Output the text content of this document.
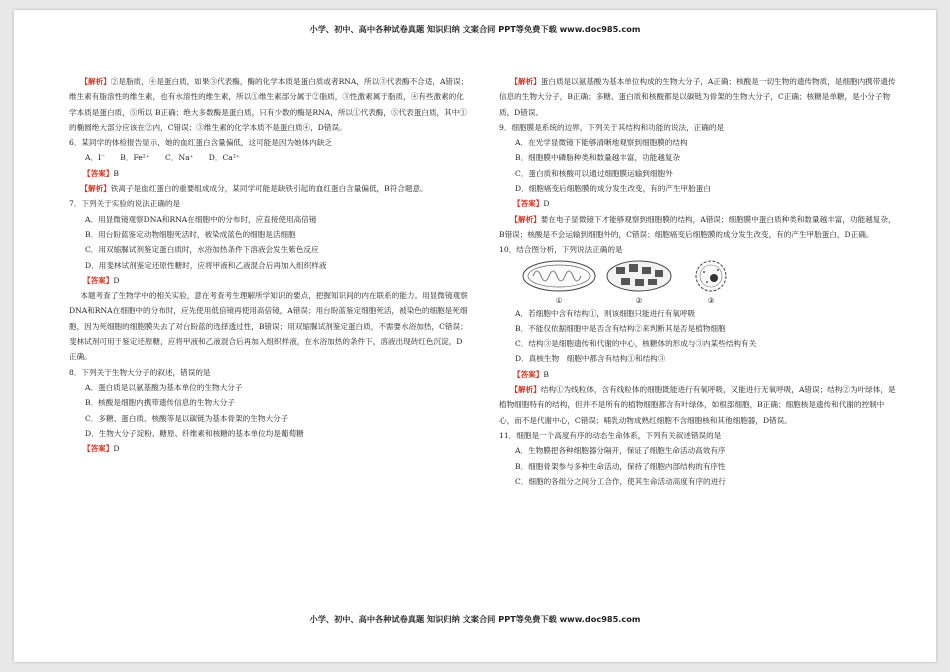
小学、初中、高中各种试卷真题 知识归纳 文案合同 PPT等免费下载 www.doc985.com

【解析】②是脂质，④是蛋白质，如果③代表酶，酶的化学本质是蛋白质或者RNA，所以③代表酶不合适，A错误；维生素有脂溶性的维生素，也有水溶性的维生素，所以①维生素部分属于②脂质，③性激素属于脂质，④有些激素的化学本质是蛋白质，⑤所以 B正确；绝大多数酶是蛋白质，只有少数的酶是RNA，所以①代表酶，⑤代表蛋白质，其中①的椭圆绝大部分应该在②内，C错误；③维生素的化学本质不是蛋白质④，D错误。

6．某同学的体检报告显示，她的血红蛋白含量偏低，这可能是因为她体内缺乏

A．I⁻　　B．Fe²⁺　　C．Na⁺　　D．Ca²⁺

【答案】B

【解析】铁离子是血红蛋白的重要组成成分，某同学可能是缺铁引起的血红蛋白含量偏低，B符合题意。

7．下列关于实验的说法正确的是

A．用显微镜观察DNA和RNA在细胞中的分布时，应直接使用高倍镜

B．用台盼蓝鉴定动物细胞死活时，被染成蓝色的细胞是活细胞

C．用双缩脲试剂鉴定蛋白质时，水浴加热条件下溶液会发生紫色反应

D．用斐林试剂鉴定还原性糖时，应将甲液和乙液混合后再加入组织样液

【答案】D

本题考查了生物学中的相关实验，意在考查考生理解所学知识的要点，把握知识间的内在联系的能力。用显微镜观察DNA和RNA在细胞中的分布时，应先使用低倍镜再使用高倍镜，A错误；用台盼蓝鉴定细胞死活，被染色的细胞是死细胞，因为死细胞的细胞膜失去了对台盼蓝的选择透过性，B错误；用双缩脲试剂鉴定蛋白质，不需要水浴加热，C错误；斐林试剂可用于鉴定还原糖，应将甲液和乙液混合后再加入组织样液，在水浴加热的条件下，溶液出现砖红色沉淀，D正确。

8．下列关于生物大分子的叙述，错误的是

A．蛋白质是以氨基酸为基本单位的生物大分子

B．核酸是细胞内携带遗传信息的生物大分子

C．多糖、蛋白质、核酸等是以碳链为基本骨架的生物大分子

D．生物大分子淀粉、糖原、纤维素和核糖的基本单位均是葡萄糖

【答案】D

【解析】蛋白质是以氨基酸为基本单位构成的生物大分子，A正确；核酸是一切生物的遗传物质，是细胞内携带遗传信息的生物大分子，B正确；多糖、蛋白质和核酸都是以碳链为骨架的生物大分子，C正确；核糖是单糖，是小分子物质，D错误。

9．细胞膜是系统的边界，下列关于其结构和功能的说法，正确的是

A．在光学显微镜下能够清晰地观察到细胞膜的结构

B．细胞膜中磷脂种类和数量越丰富，功能越复杂

C．蛋白质和核酸可以通过细胞膜运输到细胞外

D．细胞癌变后细胞膜的成分发生改变，有的产生甲胎蛋白

【答案】D

【解析】要在电子显微镜下才能够观察到细胞膜的结构，A错误；细胞膜中蛋白质种类和数量越丰富，功能越复杂，B错误；核酸是不会运输到细胞外的，C错误；细胞癌变后细胞膜的成分发生改变，有的产生甲胎蛋白，D正确。

10．结合图分析，下列说法正确的是

①	②	③

A．若细胞中含有结构①，则该细胞只能进行有氧呼吸

B．不能仅依据细胞中是否含有结构②来判断其是否是植物细胞

C．结构③是细胞遗传和代谢的中心，核糖体的形成与③内某些结构有关

D．真核生物　细胞中都含有结构①和结构③

【答案】B

【解析】结构①为线粒体，含有线粒体的细胞既能进行有氧呼吸，又能进行无氧呼吸，A错误；结构②为叶绿体，是植物细胞特有的结构，但并不是所有的植物细胞都含有叶绿体，如根部细胞，B正确；细胞核是遗传和代谢的控制中心，而不是代谢中心，C错误；哺乳动物成熟红细胞不含细胞核和其他细胞器，D错误。

11．细胞是一个高度有序的动态生命体系，下列有关叙述错误的是

A．生物膜把各种细胞器分隔开，保证了细胞生命活动高效有序

B．细胞骨架参与多种生命活动，保持了细胞内部结构的有序性

C．细胞的各组分之间分工合作，使其生命活动高度有序的进行

小学、初中、高中各种试卷真题 知识归纳 文案合同 PPT等免费下载 www.doc985.com
